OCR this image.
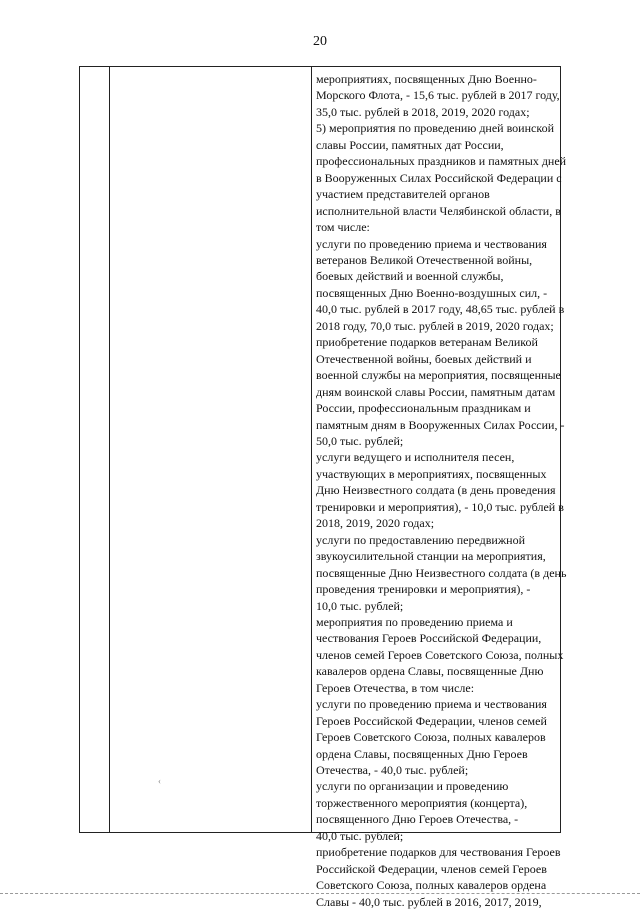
20
мероприятиях, посвященных Дню Военно-
Морского Флота, - 15,6 тыс. рублей в 2017 году,
35,0 тыс. рублей в 2018, 2019, 2020 годах;
5) мероприятия по проведению дней воинской
славы России, памятных дат России,
профессиональных праздников и памятных дней
в Вооруженных Силах Российской Федерации с
участием представителей органов
исполнительной власти Челябинской области, в
том числе:
услуги по проведению приема и чествования
ветеранов Великой Отечественной войны,
боевых действий и военной службы,
посвященных Дню Военно-воздушных сил, -
40,0 тыс. рублей в 2017 году, 48,65 тыс. рублей в
2018 году, 70,0 тыс. рублей в 2019, 2020 годах;
приобретение подарков ветеранам Великой
Отечественной войны, боевых действий и
военной службы на мероприятия, посвященные
дням воинской славы России, памятным датам
России, профессиональным праздникам и
памятным дням в Вооруженных Силах России, -
50,0 тыс. рублей;
услуги ведущего и исполнителя песен,
участвующих в мероприятиях, посвященных
Дню Неизвестного солдата (в день проведения
тренировки и мероприятия), - 10,0 тыс. рублей в
2018, 2019, 2020 годах;
услуги по предоставлению передвижной
звукоусилительной станции на мероприятия,
посвященные Дню Неизвестного солдата (в день
проведения тренировки и мероприятия), -
10,0 тыс. рублей;
мероприятия по проведению приема и
чествования Героев Российской Федерации,
членов семей Героев Советского Союза, полных
кавалеров ордена Славы, посвященные Дню
Героев Отечества, в том числе:
услуги по проведению приема и чествования
Героев Российской Федерации, членов семей
Героев Советского Союза, полных кавалеров
ордена Славы, посвященных Дню Героев
Отечества, - 40,0 тыс. рублей;
услуги по организации и проведению
торжественного мероприятия (концерта),
посвященного Дню Героев Отечества, -
40,0 тыс. рублей;
приобретение подарков для чествования Героев
Российской Федерации, членов семей Героев
Советского Союза, полных кавалеров ордена
Славы - 40,0 тыс. рублей в 2016, 2017, 2019,
‹
